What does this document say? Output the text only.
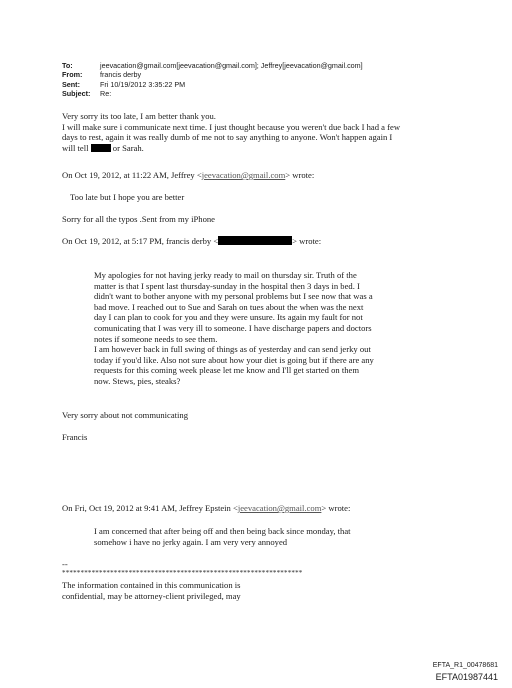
To:	jeevacation@gmail.com[jeevacation@gmail.com]; Jeffrey[jeevacation@gmail.com]
From:	francis derby
Sent:	Fri 10/19/2012 3:35:22 PM
Subject:	Re:
Very sorry its too late, I am better thank you.
I will make sure i communicate next time. I just thought because you weren't due back I had a few
days to rest, again it was really dumb of me not to say anything to anyone. Won't happen again I
will tell	or Sarah.
On Oct 19, 2012, at 11:22 AM, Jeffrey <jeevacation@gmail.com> wrote:
Too late but I hope you are better
Sorry for all the typos .Sent from my iPhone
On Oct 19, 2012, at 5:17 PM, francis derby <	> wrote:
My apologies for not having jerky ready to mail on thursday sir. Truth of the
matter is that I spent last thursday-sunday in the hospital then 3 days in bed. I
didn't want to bother anyone with my personal problems but I see now that was a
bad move. I reached out to Sue and Sarah on tues about the when was the next
day I can plan to cook for you and they were unsure. Its again my fault for not
comunicating that I was very ill to someone. I have discharge papers and doctors
notes if someone needs to see them.
I am however back in full swing of things as of yesterday and can send jerky out
today if you'd like. Also not sure about how your diet is going but if there are any
requests for this coming week please let me know and I'll get started on them
now. Stews, pies, steaks?
Very sorry about not communicating
Francis
On Fri, Oct 19, 2012 at 9:41 AM, Jeffrey Epstein <jeevacation@gmail.com> wrote:
I am concerned that after being off and then being back since monday, that
somehow i have no jerky again. I am very very annoyed
--
*****************************************************************
The information contained in this communication is
confidential, may be attorney-client privileged, may
EFTA_R1_00478681
EFTA01987441
